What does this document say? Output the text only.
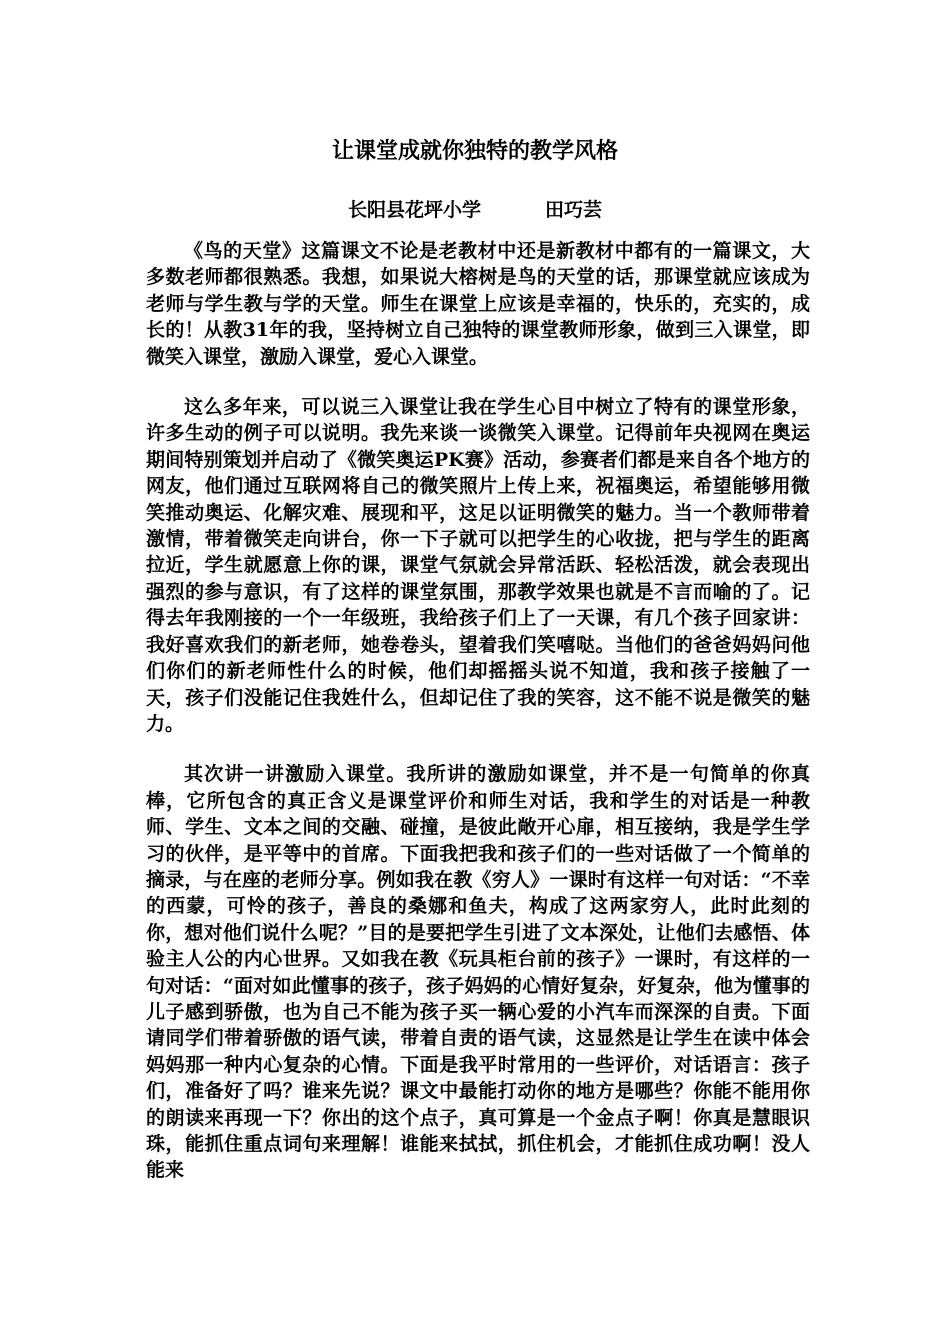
让课堂成就你独特的教学风格
长阳县花坪小学	田巧芸

《鸟的天堂》这篇课文不论是老教材中还是新教材中都有的一篇课文，大多数老师都很熟悉。我想，如果说大榕树是鸟的天堂的话，那课堂就应该成为老师与学生教与学的天堂。师生在课堂上应该是幸福的，快乐的，充实的，成长的！从教31年的我，坚持树立自己独特的课堂教师形象，做到三入课堂，即微笑入课堂，激励入课堂，爱心入课堂。

这么多年来，可以说三入课堂让我在学生心目中树立了特有的课堂形象，许多生动的例子可以说明。我先来谈一谈微笑入课堂。记得前年央视网在奥运期间特别策划并启动了《微笑奥运PK赛》活动，参赛者们都是来自各个地方的网友，他们通过互联网将自己的微笑照片上传上来，祝福奥运，希望能够用微笑推动奥运、化解灾难、展现和平，这足以证明微笑的魅力。当一个教师带着激情，带着微笑走向讲台，你一下子就可以把学生的心收拢，把与学生的距离拉近，学生就愿意上你的课，课堂气氛就会异常活跃、轻松活泼，就会表现出强烈的参与意识，有了这样的课堂氛围，那教学效果也就是不言而喻的了。记得去年我刚接的一个一年级班，我给孩子们上了一天课，有几个孩子回家讲：我好喜欢我们的新老师，她卷卷头，望着我们笑嘻哒。当他们的爸爸妈妈问他们你们的新老师性什么的时候，他们却摇摇头说不知道，我和孩子接触了一天，孩子们没能记住我姓什么，但却记住了我的笑容，这不能不说是微笑的魅力。

其次讲一讲激励入课堂。我所讲的激励如课堂，并不是一句简单的你真棒，它所包含的真正含义是课堂评价和师生对话，我和学生的对话是一种教师、学生、文本之间的交融、碰撞，是彼此敞开心扉，相互接纳，我是学生学习的伙伴，是平等中的首席。下面我把我和孩子们的一些对话做了一个简单的摘录，与在座的老师分享。例如我在教《穷人》一课时有这样一句对话：“不幸的西蒙，可怜的孩子，善良的桑娜和鱼夫，构成了这两家穷人，此时此刻的你，想对他们说什么呢？”目的是要把学生引进了文本深处，让他们去感悟、体验主人公的内心世界。又如我在教《玩具柜台前的孩子》一课时，有这样的一句对话：“面对如此懂事的孩子，孩子妈妈的心情好复杂，好复杂，他为懂事的儿子感到骄傲，也为自己不能为孩子买一辆心爱的小汽车而深深的自责。下面请同学们带着骄傲的语气读，带着自责的语气读，这显然是让学生在读中体会妈妈那一种内心复杂的心情。下面是我平时常用的一些评价，对话语言：孩子们，准备好了吗？谁来先说？课文中最能打动你的地方是哪些？你能不能用你的朗读来再现一下？你出的这个点子，真可算是一个金点子啊！你真是慧眼识珠，能抓住重点词句来理解！谁能来拭拭，抓住机会，才能抓住成功啊！没人能来
